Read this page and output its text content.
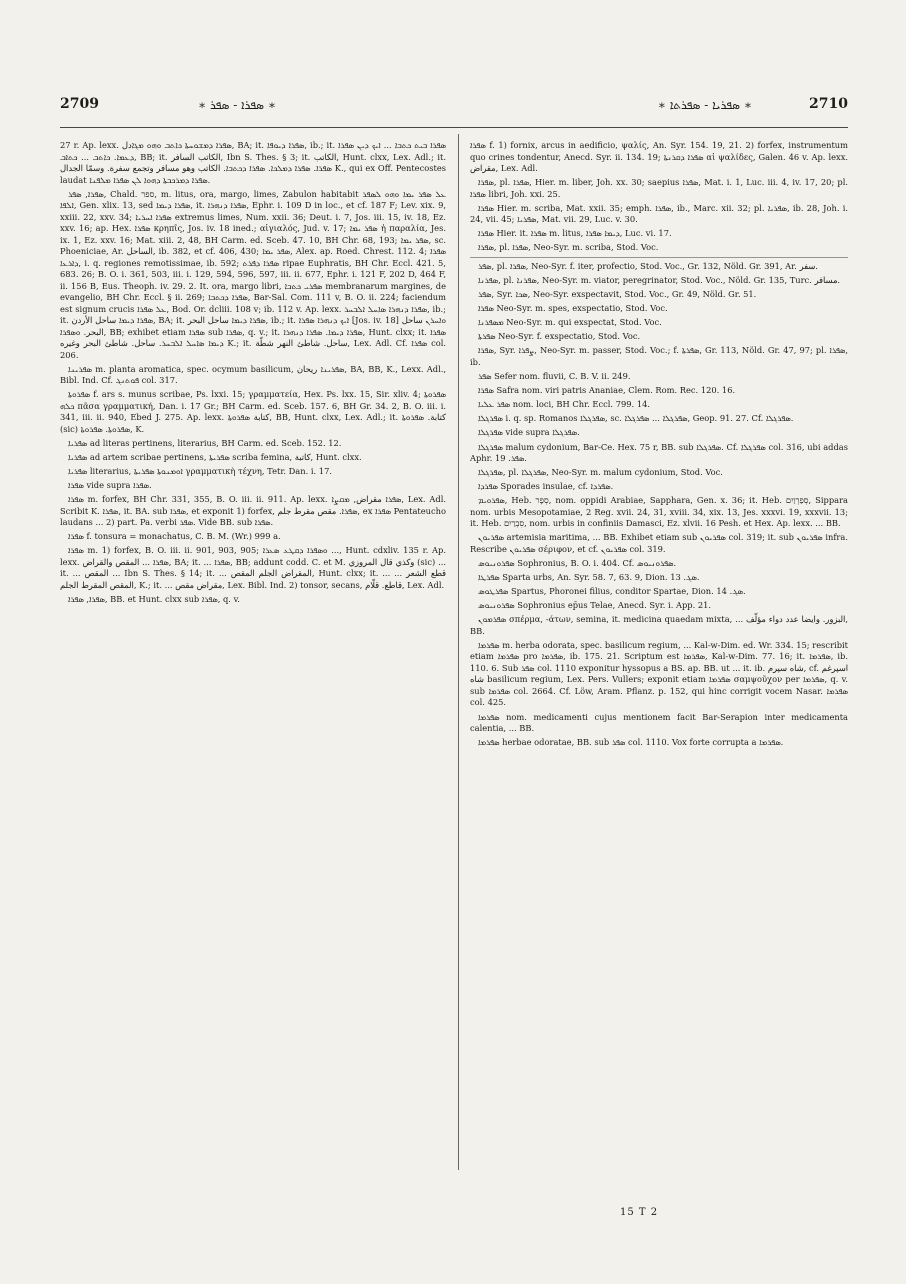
2709	∗ ܣܦܪܐ - ܣܦܪ ∗	∗ ܣܦܪܝܐ - ܣܦܪܬܐ ∗	2710

27 r. Ap. lexx. ܣܦܪܐ ܕܡܫܘܚܬܐ ܟܐܬܒ ܘܗܘ ܡܓܐدل, BA; it. ܣܦܪܐ ܕܝܘܦܐ, ib.; it. ܣܦܪܐ ܒܝܬ ܟܬܒܐ ... ܐܝܟ ܕܝܢ ܣܦܪܐ ܕܥܡܐ. ܟܐܬܒ ... ܟܬܐܒ, BB; it. الكاتب السافر, Ibn S. Thes. § 3; it. الكاتب, Hunt. clxx, Lex. Adl.; it. ܣܦܪܐ. ܣܦܪܐ ܕܡܠܟܐ. ܣܦܪܐ ܕܟܬܒܐ. الكاتب وهو مسافر وتجمع سفرة. وسمّا الجدال K., qui ex Off. Pentecostes laudat ܣܦܪܐ ܕܡܪܟܒܬܐ ܕܗܘܐ ܠܢ ܣܦܪܐ ܡܠܦܢܐ.

ܣܦܪܐ, ܣܦܪ, Chald. ספר, m. litus, ora, margo, limes, Zabulon habitabit ܥܠ ܣܦܪ ܝܡܐ ܘܗܘ ܠܣܦܪ ܐܠܦܐ, Gen. xlix. 13, sed ܣܦܪܐ ܕܝܡܐ, it. ܣܦܪܐ ܕܢܗܪܐ, Ephr. i. 109 D in loc., et cf. 187 F; Lev. xix. 9, xxiii. 22, xxv. 34; ܣܦܪܐ ܐܚܪܝܐ extremus limes, Num. xxii. 36; Deut. i. 7, Jos. iii. 15, iv. 18, Ez. xxv. 16; ap. Hex. ܣܦܪܐ κρηπῖς, Jos. iv. 18 ined.; αἰγιαλός, Jud. v. 17; ܣܦܪ ܝܡܐ ἡ παραλία, Jes. ix. 1, Ez. xxv. 16; Mat. xiii. 2, 48, BH Carm. ed. Sceb. 47. 10, BH Chr. 68, 193; ܣܦܪ ܝܡܐ, sc. Phoeniciae, Ar. الساحل, ib. 382, et cf. 406, 430; ܣܦܪ ܝܡܐ, Alex. ap. Roed. Chrest. 112. 4; ܣܦܪܐ ܕܐܪܥܐ, i. q. regiones remotissimae, ib. 592; ܣܦܪܐ ܕܦܪܬ ripae Euphratis, BH Chr. Eccl. 421. 5, 683. 26; B. O. i. 361, 503, iii. i. 129, 594, 596, 597, iii. ii. 677, Ephr. i. 121 F, 202 D, 464 F, ii. 156 B, Eus. Theoph. iv. 29. 2. It. ora, margo libri, ܣܦܪܝ ܟܬܒܐ membranarum margines, de evangelio, BH Chr. Eccl. § ii. 269; ܣܦܪܐ ܕܟܬܒܐ, Bar-Sal. Com. 111 v, B. O. ii. 224; faciendum est signum crucis ܥܠ ܣܦܪܐ, Bod. Or. dcliii. 108 v; ib. 112 v. Ap. lexx. ܣܦܪܐ ܕܢܗܪܐ ܣܐܚܠ ܐܠܒܚܪ, ib.; it. ܣܦܪܐ ܕܝܡܐ ساحل الأردن, BA; it. ܣܦܪܐ ܕܝܡܐ ساحل البحر, ib.; it. ܐܝܟ ܕܢܗܪܐ ܣܦܪܐ [Jos. iv. 18] ܘܐܚܪܢ ساحل البحر. ܘܣܦܪܐ, BB; exhibet etiam ܣܦܪܐ sub ܣܦܪܐ, q. v.; it. ܣܦܪܐ ܕܝܡܐ. ܣܦܪܐ ܕܢܗܪܐ, Hunt. clxx; it. ܣܦܪܐ ܕܝܡܐ ܣܐܚܠ ܐܠܒܚܪ. ساحل. شاطئ البحر وغيره K.; it. ساحل. شاطئ النهر شطّة, Lex. Adl. Cf. ܣܦܪܐ col. 206.

ܣܦܪܝܢܐ m. planta aromatica, spec. ocymum basilicum, ܣܦܪܝܢܐ ريحان, BA, BB, K., Lexx. Adl., Bibl. Ind. Cf. ܦܘܬܢܓ col. 317.

ܣܦܪܘܬܐ f. ars s. munus scribae, Ps. lxxi. 15; γραμματεία, Hex. Ps. lxx. 15, Sir. xliv. 4; ܣܦܪܘܬܐ ܟܠܗ πᾶσα γραμματική, Dan. i. 17 Gr.; BH Carm. ed. Sceb. 157. 6, BH Gr. 34. 2, B. O. iii. i. 341, iii. ii. 940, Ebed J. 275. Ap. lexx. كتابة ܣܦܪܘܬܐ, BB, Hunt. clxx, Lex. Adl.; it. كتابة. ܣܦܪܘܬܐ (sic) ܣܦܪܘܬܐ. ܣܦܪܘܬܐ, K.

ܣܦܪܝܐ ad literas pertinens, literarius, BH Carm. ed. Sceb. 152. 12.

ܣܦܪܝܐ ad artem scribae pertinens, ܣܦܪܝܬܐ scriba femina, كاتبة, Hunt. clxx.

ܣܦܪܝܐ literarius, ܐܘܡܢܘܬܐ ܣܦܪܝܬܐ γραμματικὴ τέχνη, Tetr. Dan. i. 17.

ܣܦܪܐ vide supra ܣܦܪܐ.

ܣܦܪܐ m. forfex, BH Chr. 331, 355, B. O. iii. ii. 911. Ap. lexx. ܣܦܪܐ مقراض, ܡܩܨܐ, Lex. Adl. Scribit K. ܣܦܪܐ, it. BA. sub ܣܦܪܐ, et exponit 1) forfex, ܣܦܪܐ. مقص مقرط جلم, ex ܣܦܪܐ Pentateucho laudans ... 2) part. Pa. verbi ܣܦܪ. Vide BB. sub ܣܦܪܐ.

ܣܦܪܐ f. tonsura = monachatus, C. B. M. (Wr.) 999 a.

ܣܦܪܐ m. 1) forfex, B. O. iii. ii. 901, 903, 905; ܘܣܦܪܐ ܕܩܛܥ ܣܥܪܐ ..., Hunt. cdxliv. 135 r. Ap. lexx. ܣܦܪܐ ... المقص والقراض, BA; it. ... ܣܦܪܐ, BB; addunt codd. C. et M. وكذي قال المروزي (sic) ... it. ... المقص ... Ibn S. Thes. § 14; it. ... المقراض الجلم المقص, Hunt. clxx; it. ... قطع الشعر ... المقص المقرط الجلم, K.; it. ... مقراض مقص, Lex. Bibl. Ind. 2) tonsor, secans, قاطع. قلّام, Lex. Adl.

ܣܦܪܐ, ܣܦܪܐ, BB. et Hunt. clxx sub ܣܦܪܐ, q. v.

ܣܦܪܐ f. 1) fornix, arcus in aedificio, ψαλίς, An. Syr. 154. 19, 21. 2) forfex, instrumentum quo crines tondentur, Anecd. Syr. ii. 134. 19; ܣܦܪܐ ܕܩܪܢܬܐ αἱ ψαλίδες, Galen. 46 v. Ap. lexx. مقراض, Lex. Adl.

ܣܦܪܐ, pl. ܣܦܪܐ, Hier. m. liber, Joh. xx. 30; saepius ܣܦܪܐ, Mat. i. 1, Luc. iii. 4, iv. 17, 20; pl. ܣܦܪܐ libri, Joh. xxi. 25.

ܣܦܪܐ Hier. m. scriba, Mat. xxii. 35; emph. ܣܦܪܐ, ib., Marc. xii. 32; pl. ܣܦܪܝܐ, ib. 28, Joh. i. 24, vii. 45; ܣܦܪܝܐ, Mat. vii. 29, Luc. v. 30.

ܣܦܪܐ Hier. it. ܣܦܪܐ m. litus, ܕܝܡܐ ܣܦܪܐ, Luc. vi. 17.

ܣܦܪܐ, pl. ܣܦܪܐ, Neo-Syr. m. scriba, Stod. Voc.

ܣܦܪ, pl. ܣܦܪܐ, Neo-Syr. f. iter, profectio, Stod. Voc., Gr. 132, Nöld. Gr. 391, Ar. سفر.

ܣܦܪܢܐ, pl. ܣܦܪܢܐ, Neo-Syr. m. viator, peregrinator, Stod. Voc., Nöld. Gr. 135, Turc. مسافر.

ܣܦܪ, Syr. ܣܟܐ, Neo-Syr. exspectavit, Stod. Voc., Gr. 49, Nöld. Gr. 51.

ܣܦܪܐ Neo-Syr. m. spes, exspectatio, Stod. Voc.

ܡܣܦܪܢܐ Neo-Syr. m. qui exspectat, Stod. Voc.

ܣܦܪܬܐ Neo-Syr. f. exspectatio, Stod. Voc.

ܣܦܪܐ, Syr. ܨܦܪܐ, Neo-Syr. m. passer, Stod. Voc.; f. ܣܦܪܬܐ, Gr. 113, Nöld. Gr. 47, 97; pl. ܣܦܪܐ, ib.

ܣܦܪ Sefer nom. fluvii, C. B. V. ii. 249.

ܣܦܪܐ Safra nom. viri patris Ananiae, Clem. Rom. Rec. 120. 16.

ܣܦܪ ܥܠܝܐ nom. loci, BH Chr. Eccl. 799. 14.

ܣܦܪܓܠܐ i. q. sp. Romanos ܣܦܪܓܠܐ, sc. ܣܦܪܓܠܐ ... ܣܦܪܓܠܐ, Geop. 91. 27. Cf. ܣܦܪܓܠܐ.

ܣܦܪܓܠܐ vide supra ܣܦܪܓܠܐ.

ܣܦܪܓܠܐ malum cydonium, Bar-Ce. Hex. 75 r, BB. sub ܣܦܪܓܠܐ. Cf. ܣܦܪܓܠܐ col. 316, ubi addas Aphr. ܣܦܪ. 19.

ܣܦܪܓܠܐ, pl. ܣܦܪܓܠܐ, Neo-Syr. m. malum cydonium, Stod. Voc.

ܣܦܪܕܐ Sporades insulae, cf. ܣܦܪܕܐ.

ܣܦܪܘܝܡ, Heb. סְפָר, nom. oppidi Arabiae, Sapphara, Gen. x. 36; it. Heb. סְפַרְוַיִם, Sippara nom. urbis Mesopotamiae, 2 Reg. xvii. 24, 31, xviii. 34, xix. 13, Jes. xxxvi. 19, xxxvii. 13; it. Heb. סִבְרַיִם, nom. urbis in confiniis Damasci, Ez. xlvii. 16 Pesh. et Hex. Ap. lexx. ... BB.

ܣܦܪܝܘܢ artemisia maritima, ... BB. Exhibet etiam sub ܣܦܪܝܘܢ col. 319; it. sub ܣܦܪܝܘܢ infra. Rescribe ܣܦܪܝܘܢ σέριφον, et cf. ܣܦܪܝܘܢ col. 319.

ܣܦܪܘܢܝܘܣ Sophronius, B. O. i. 404. Cf. ܣܦܪܘܢܝܘܣ.

ܣܦܪܛܐ Sparta urbs, An. Syr. 58. 7, 63. 9, Dion. ܣܓ. 13.

ܣܦܪܛܘܣ Spartus, Phoronei filius, conditor Spartae, Dion. ܣܓ. 14.

ܣܦܪܘܢܝܘܣ Sophronius ep̄us Telae, Anecd. Syr. i. App. 21.

ܣܦܪܡܘܢ σπέρμα, -άτων, semina, it. medicina quaedam mixta, ... البزور. وايضا عدد دواء مؤلّف, BB.

ܣܦܪܡܐ m. herba odorata, spec. basilicum regium, ... Kal-w-Dim. ed. Wr. 334. 15; rescribit etiam ܣܦܪܡܐ pro ܣܦܪܡܐ, ib. 175. 21. Scriptum est ܣܦܪܡܐ, Kal-w-Dim. 77. 16; it. ܣܦܪܡܐ, ib. 110. 6. Sub ܣܦܪ col. 1110 exponitur hyssopus a BS. ap. BB. ut ... it. ib. شاه سپرم, cf. اسپرغم شاه basilicum regium, Lex. Pers. Vullers; exponit etiam ܣܦܪܡܐ σαμψοῦχον per ܣܦܪܡܐ, q. v. sub ܣܦܪܡܐ col. 2664. Cf. Löw, Aram. Pflanz. p. 152, qui hinc corrigit vocem Nasar. ܣܦܪܡܐ col. 425.

ܣܦܪܡܐ nom. medicamenti cujus mentionem facit Bar-Serapion inter medicamenta calentia, ... BB.

ܣܦܪܡܐ herbae odoratae, BB. sub ܣܦܪ col. 1110. Vox forte corrupta a ܣܦܪܡܐ.

15 T 2
